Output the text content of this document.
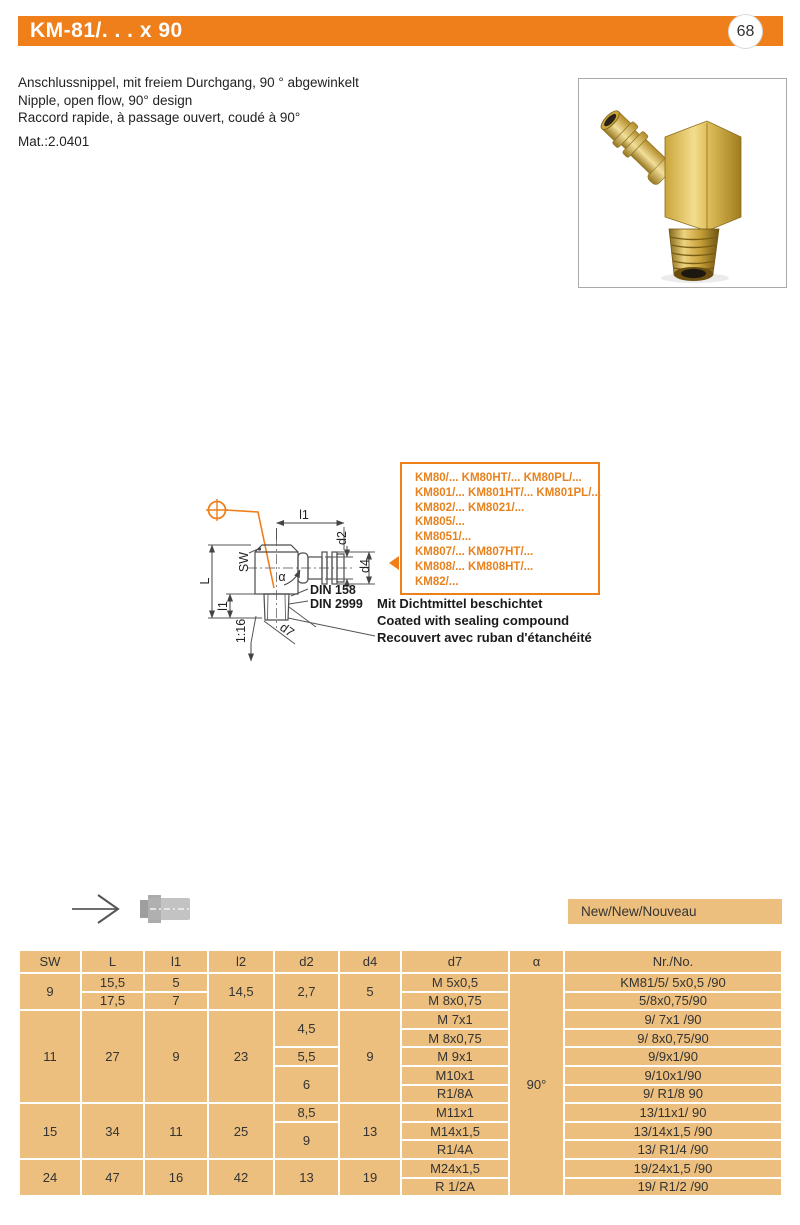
KM-81/. . . x 90	68
Anschlussnippel, mit freiem Durchgang, 90 ° abgewinkelt
Nipple, open flow, 90° design
Raccord rapide, à passage ouvert, coudé à 90°
Mat.:2.0401
l1
d2
d4
SW
L
l1
1:16
α
d7
DIN 158
DIN 2999
KM80/... KM80HT/... KM80PL/...
KM801/... KM801HT/... KM801PL/...
KM802/... KM8021/...
KM805/...
KM8051/...
KM807/... KM807HT/...
KM808/... KM808HT/...
KM82/...
Mit Dichtmittel beschichtet
Coated with sealing compound
Recouvert avec ruban d'étanchéité
New/New/Nouveau
SW	L	l1	l2	d2	d4	d7	α	Nr./No.
9	15,5	5	14,5	2,7	5	M 5x0,5	90°	KM81/5/ 5x0,5 /90
	17,5	7				M 8x0,75		5/8x0,75/90
11	27	9	23	4,5	9	M 7x1		9/ 7x1 /90
						M 8x0,75		9/ 8x0,75/90
				5,5		M 9x1		9/9x1/90
				6		M10x1		9/10x1/90
						R1/8A		9/ R1/8 90
15	34	11	25	8,5	13	M11x1		13/11x1/ 90
				9		M14x1,5		13/14x1,5 /90
						R1/4A		13/ R1/4 /90
24	47	16	42	13	19	M24x1,5		19/24x1,5 /90
						R 1/2A		19/ R1/2 /90
